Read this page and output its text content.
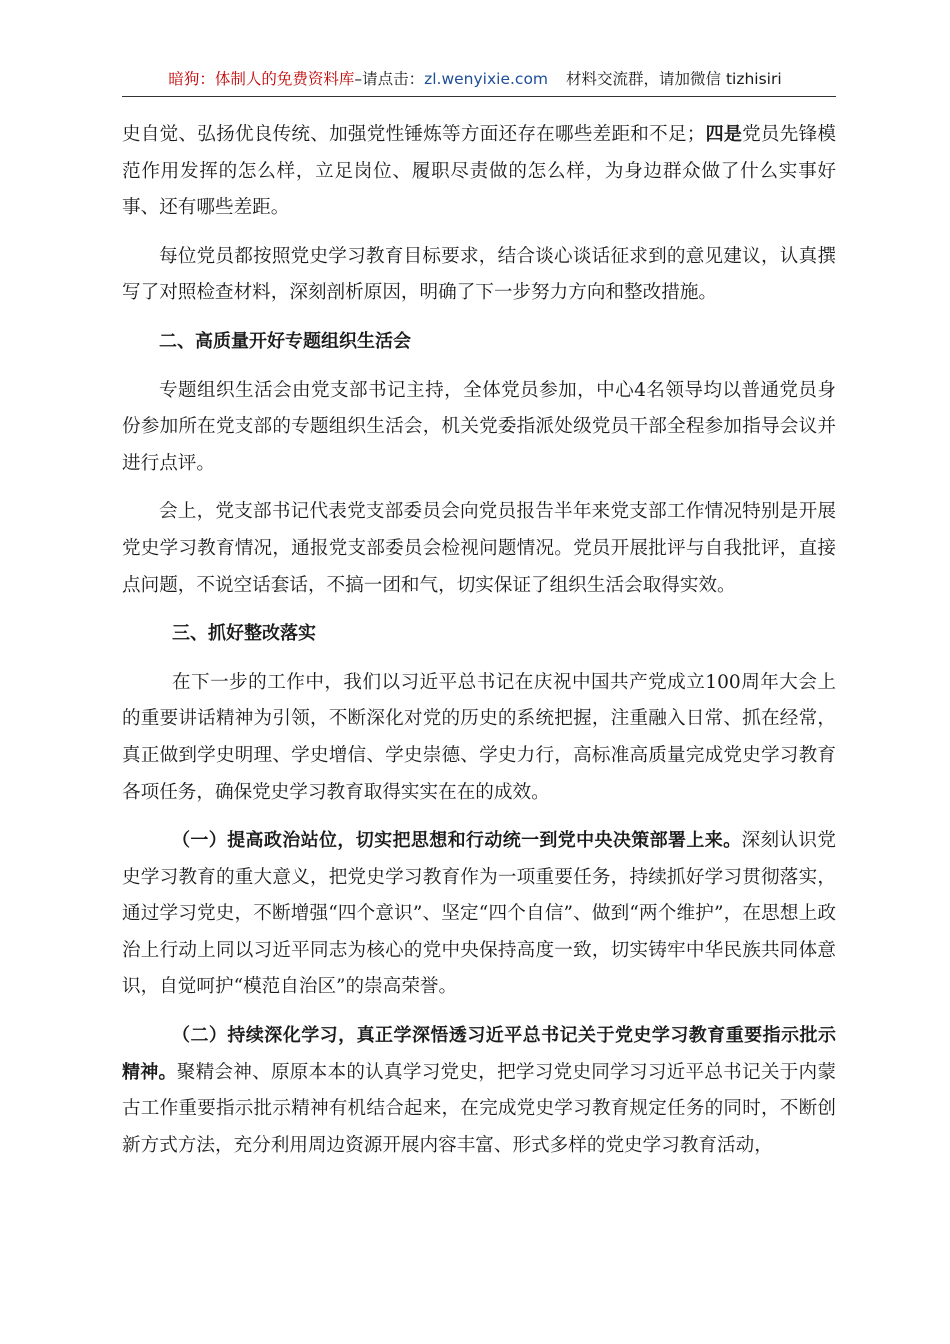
暗狗：体制人的免费资料库–请点击：zl.wenyixie.com 材料交流群，请加微信 tizhisiri

史自觉、弘扬优良传统、加强党性锤炼等方面还存在哪些差距和不足；四是党员先锋模范作用发挥的怎么样，立足岗位、履职尽责做的怎么样，为身边群众做了什么实事好事、还有哪些差距。

每位党员都按照党史学习教育目标要求，结合谈心谈话征求到的意见建议，认真撰写了对照检查材料，深刻剖析原因，明确了下一步努力方向和整改措施。

二、高质量开好专题组织生活会

专题组织生活会由党支部书记主持，全体党员参加，中心4名领导均以普通党员身份参加所在党支部的专题组织生活会，机关党委指派处级党员干部全程参加指导会议并进行点评。

会上，党支部书记代表党支部委员会向党员报告半年来党支部工作情况特别是开展党史学习教育情况，通报党支部委员会检视问题情况。党员开展批评与自我批评，直接点问题，不说空话套话，不搞一团和气，切实保证了组织生活会取得实效。

三、抓好整改落实

在下一步的工作中，我们以习近平总书记在庆祝中国共产党成立100周年大会上的重要讲话精神为引领，不断深化对党的历史的系统把握，注重融入日常、抓在经常，真正做到学史明理、学史增信、学史崇德、学史力行，高标准高质量完成党史学习教育各项任务，确保党史学习教育取得实实在在的成效。

（一）提高政治站位，切实把思想和行动统一到党中央决策部署上来。深刻认识党史学习教育的重大意义，把党史学习教育作为一项重要任务，持续抓好学习贯彻落实，通过学习党史，不断增强“四个意识”、坚定“四个自信”、做到“两个维护”，在思想上政治上行动上同以习近平同志为核心的党中央保持高度一致，切实铸牢中华民族共同体意识，自觉呵护“模范自治区”的崇高荣誉。

（二）持续深化学习，真正学深悟透习近平总书记关于党史学习教育重要指示批示精神。聚精会神、原原本本的认真学习党史，把学习党史同学习习近平总书记关于内蒙古工作重要指示批示精神有机结合起来，在完成党史学习教育规定任务的同时，不断创新方式方法，充分利用周边资源开展内容丰富、形式多样的党史学习教育活动，
